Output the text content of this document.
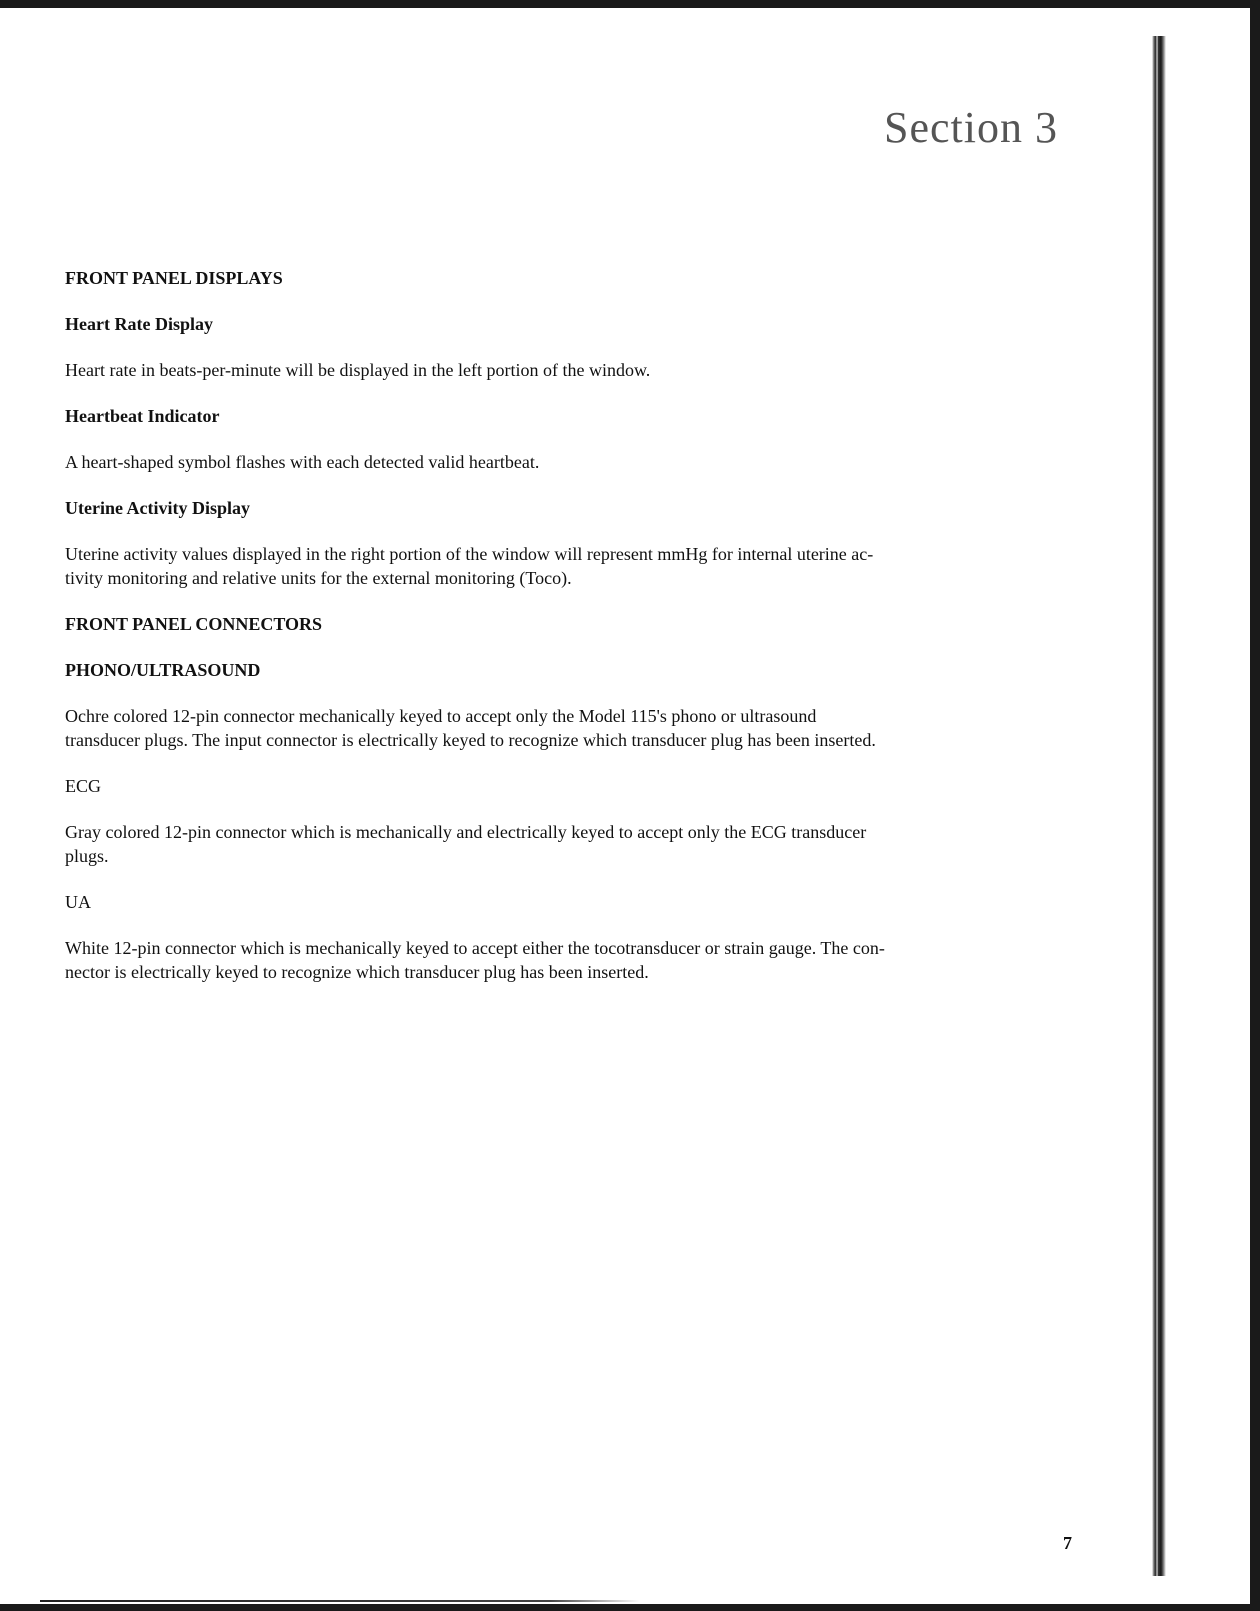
Section 3

FRONT PANEL DISPLAYS

Heart Rate Display

Heart rate in beats-per-minute will be displayed in the left portion of the window.

Heartbeat Indicator

A heart-shaped symbol flashes with each detected valid heartbeat.

Uterine Activity Display

Uterine activity values displayed in the right portion of the window will represent mmHg for internal uterine ac-

tivity monitoring and relative units for the external monitoring (Toco).

FRONT PANEL CONNECTORS

PHONO/ULTRASOUND

Ochre colored 12-pin connector mechanically keyed to accept only the Model 115's phono or ultrasound

transducer plugs. The input connector is electrically keyed to recognize which transducer plug has been inserted.

ECG

Gray colored 12-pin connector which is mechanically and electrically keyed to accept only the ECG transducer

plugs.

UA

White 12-pin connector which is mechanically keyed to accept either the tocotransducer or strain gauge. The con-

nector is electrically keyed to recognize which transducer plug has been inserted.

7
